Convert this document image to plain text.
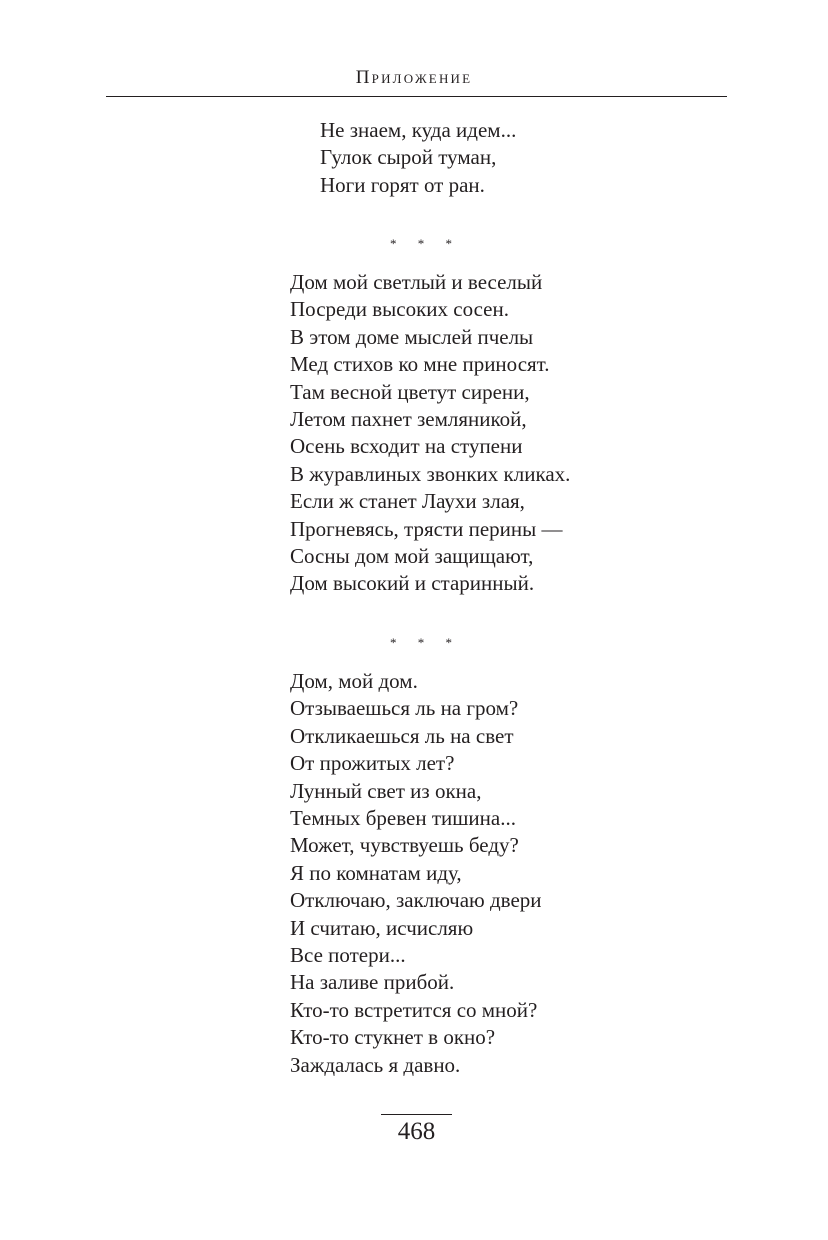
Приложение
Не знаем, куда идем...
Гулок сырой туман,
Ноги горят от ран.
* * *
Дом мой светлый и веселый
Посреди высоких сосен.
В этом доме мыслей пчелы
Мед стихов ко мне приносят.
Там весной цветут сирени,
Летом пахнет земляникой,
Осень всходит на ступени
В журавлиных звонких кликах.
Если ж станет Лаухи злая,
Прогневясь, трясти перины —
Сосны дом мой защищают,
Дом высокий и старинный.
* * *
Дом, мой дом.
Отзываешься ль на гром?
Откликаешься ль на свет
От прожитых лет?
Лунный свет из окна,
Темных бревен тишина...
Может, чувствуешь беду?
Я по комнатам иду,
Отключаю, заключаю двери
И считаю, исчисляю
Все потери...
На заливе прибой.
Кто-то встретится со мной?
Кто-то стукнет в окно?
Заждалась я давно.
468
